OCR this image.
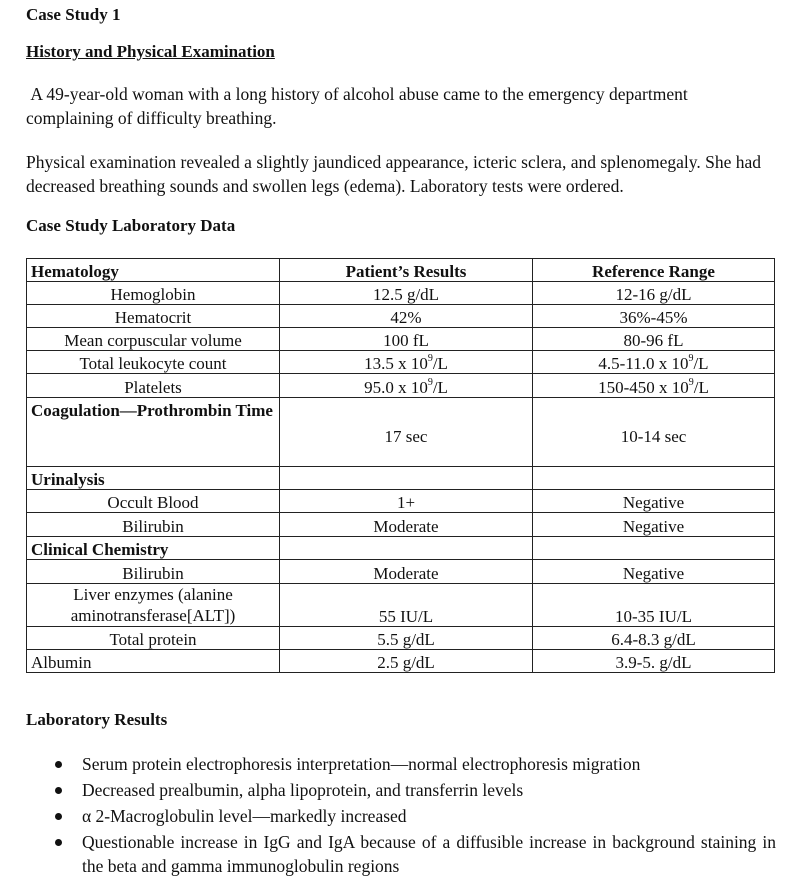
Case Study 1
History and Physical Examination
A 49-year-old woman with a long history of alcohol abuse came to the emergency department complaining of difficulty breathing.
Physical examination revealed a slightly jaundiced appearance, icteric sclera, and splenomegaly. She had decreased breathing sounds and swollen legs (edema). Laboratory tests were ordered.
Case Study Laboratory Data
Hematology	Patient’s Results	Reference Range
Hemoglobin	12.5 g/dL	12-16 g/dL
Hematocrit	42%	36%-45%
Mean corpuscular volume	100 fL	80-96 fL
Total leukocyte count	13.5 x $10^9/L$	4.5-11.0 x $10^9/L$
Platelets	95.0 x $10^9/L$	150-450 x $10^9/L$
Coagulation—Prothrombin Time	17 sec	10-14 sec
Urinalysis		
Occult Blood	1+	Negative
Bilirubin	Moderate	Negative
Clinical Chemistry		
Bilirubin	Moderate	Negative
Liver enzymes (alanine aminotransferase[ALT])	55 IU/L	10-35 IU/L
Total protein	5.5 g/dL	6.4-8.3 g/dL
Albumin	2.5 g/dL	3.9-5. g/dL
Laboratory Results
Serum protein electrophoresis interpretation—normal electrophoresis migration
Decreased prealbumin, alpha lipoprotein, and transferrin levels
α 2-Macroglobulin level—markedly increased
Questionable increase in IgG and IgA because of a diffusible increase in background staining in the beta and gamma immunoglobulin regions
